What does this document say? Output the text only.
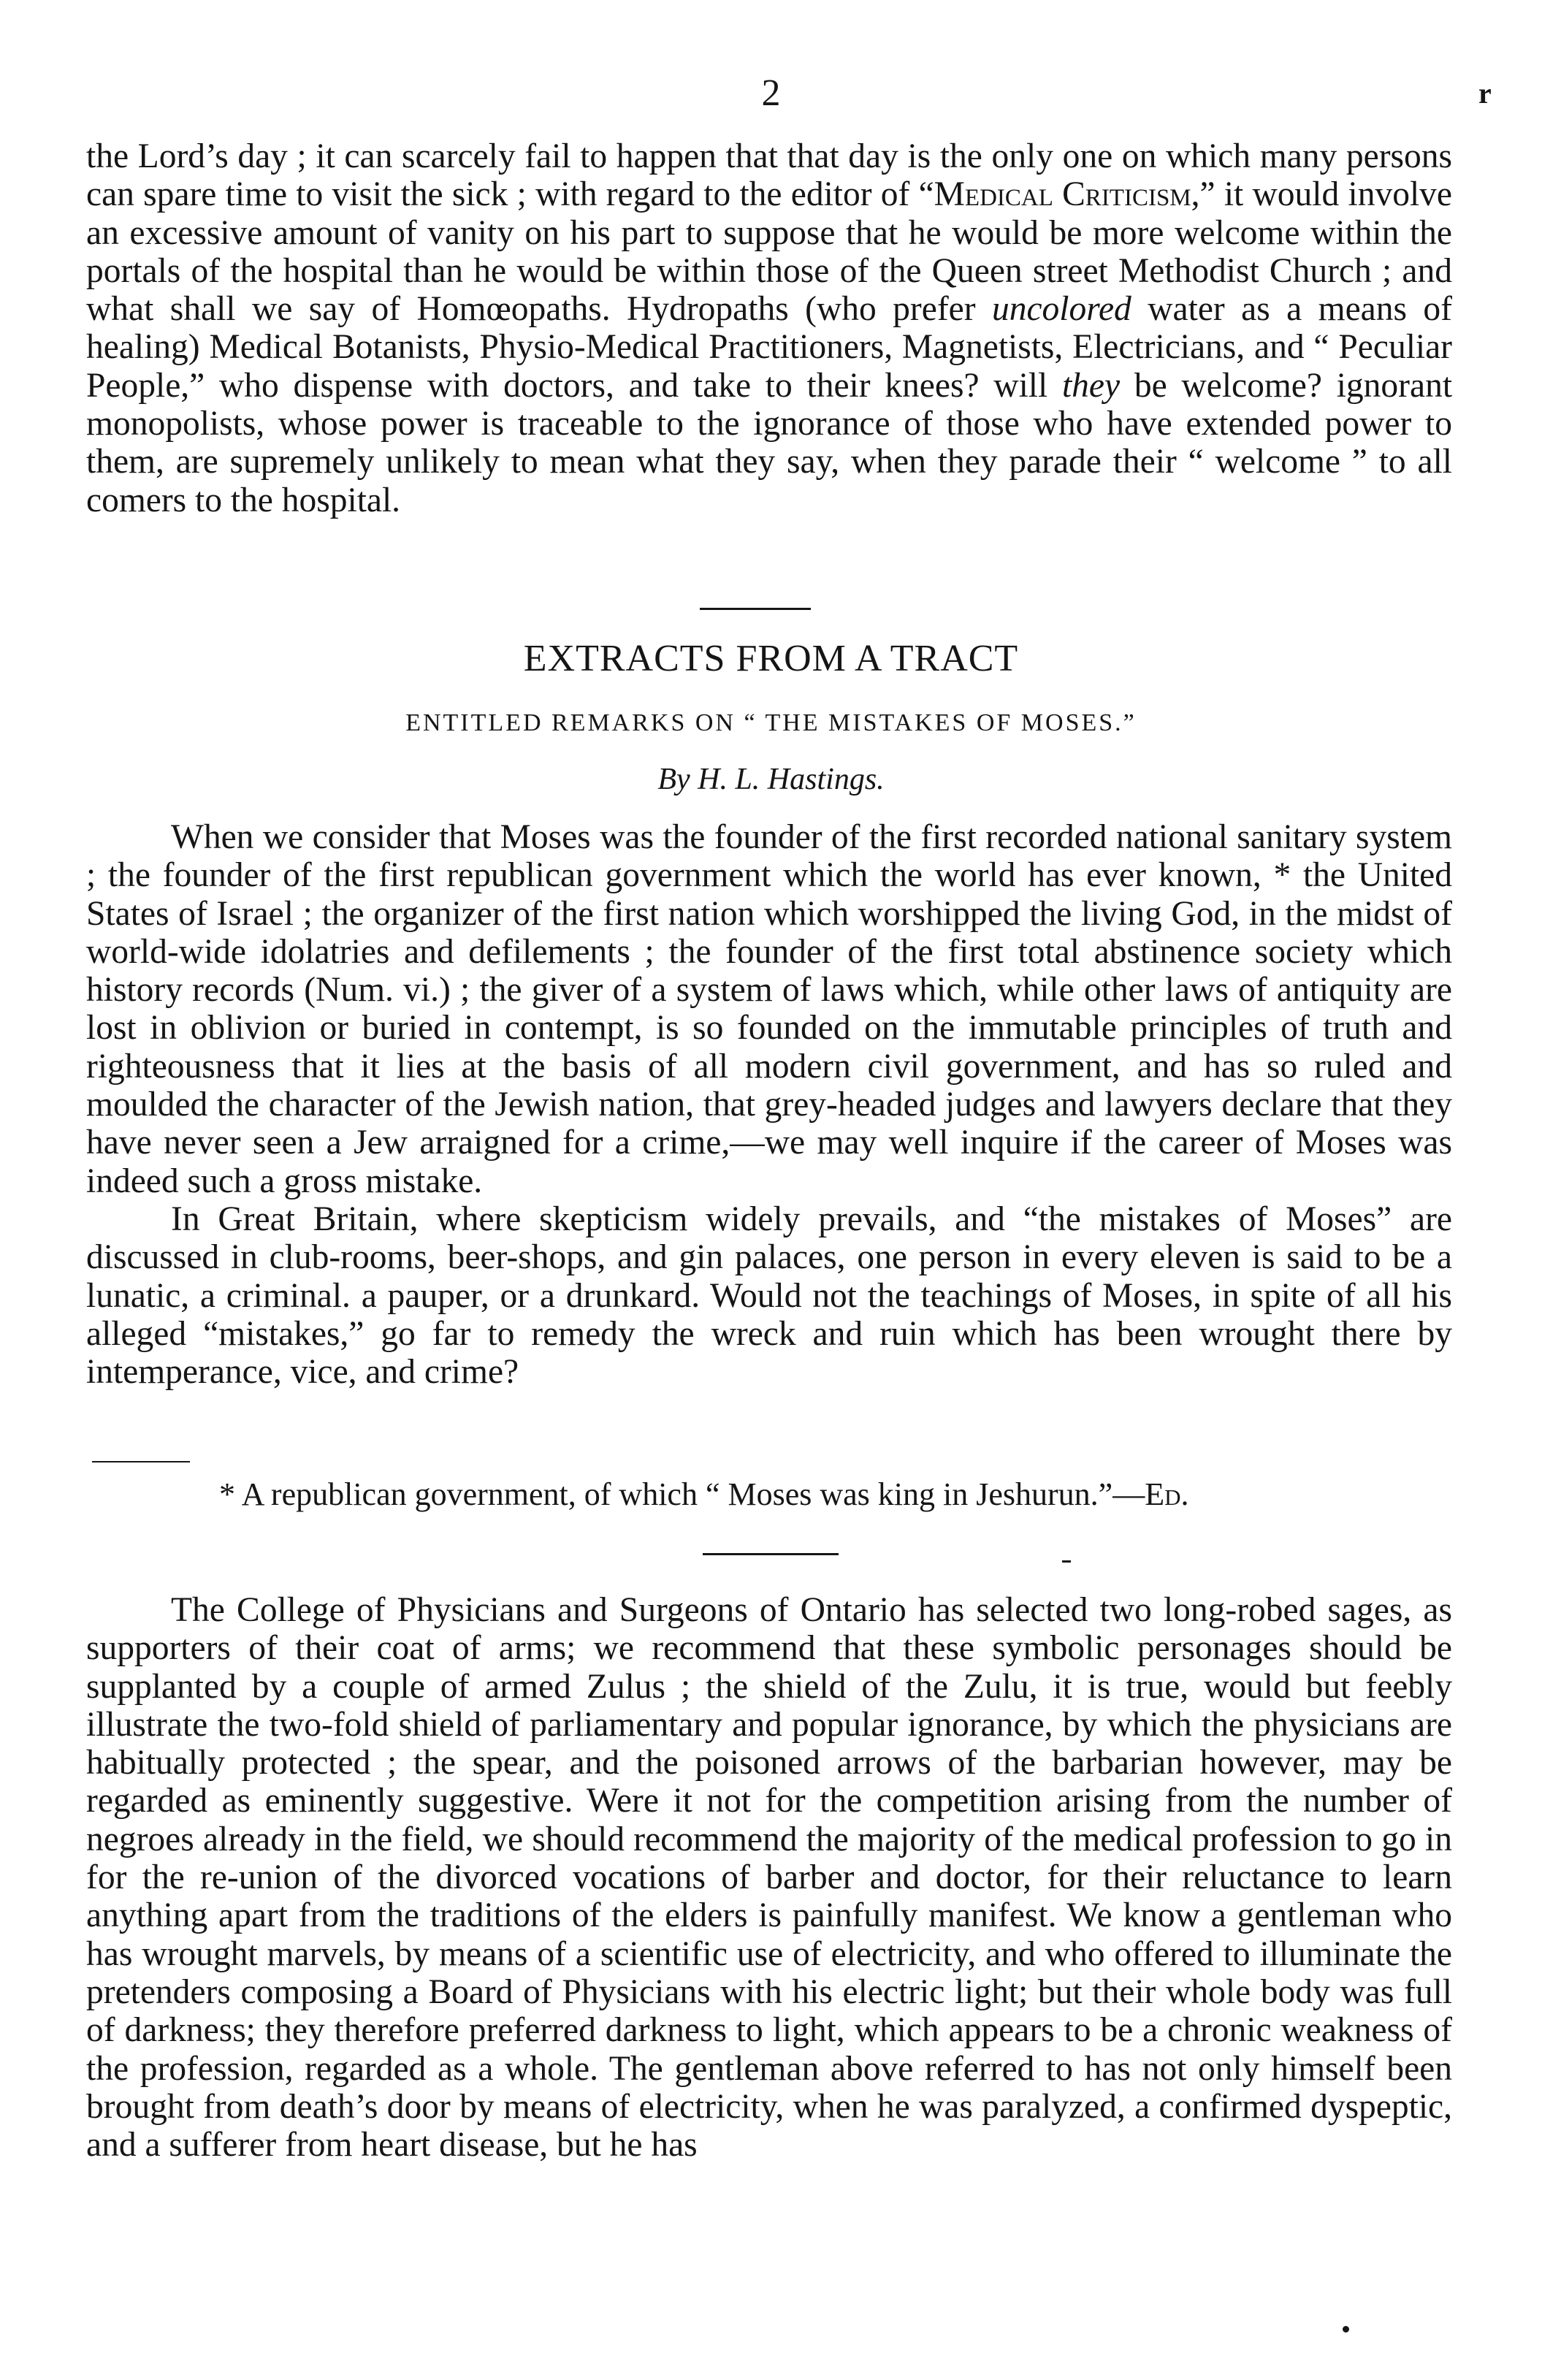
2	r

the Lord’s day ; it can scarcely fail to happen that that day is the only one on which many persons can spare time to visit the sick ; with regard to the editor of “Medical Criticism,” it would involve an excessive amount of vanity on his part to suppose that he would be more welcome within the portals of the hospital than he would be within those of the Queen street Methodist Church ; and what shall we say of Homœopaths. Hydropaths (who prefer uncolored water as a means of healing) Medical Botanists, Physio-Medical Practitioners, Magnetists, Electricians, and “ Peculiar People,” who dispense with doctors, and take to their knees? will they be welcome? ignorant monopolists, whose power is traceable to the ignorance of those who have extended power to them, are supremely unlikely to mean what they say, when they parade their “ welcome ” to all comers to the hospital.

EXTRACTS FROM A TRACT
ENTITLED REMARKS ON “ THE MISTAKES OF MOSES.”
By H. L. Hastings.

When we consider that Moses was the founder of the first recorded national sanitary system ; the founder of the first republican government which the world has ever known, * the United States of Israel ; the organizer of the first nation which worshipped the living God, in the midst of world-wide idolatries and defilements ; the founder of the first total abstinence society which history records (Num. vi.) ; the giver of a system of laws which, while other laws of antiquity are lost in oblivion or buried in contempt, is so founded on the immutable principles of truth and righteousness that it lies at the basis of all modern civil government, and has so ruled and moulded the character of the Jewish nation, that grey-headed judges and lawyers declare that they have never seen a Jew arraigned for a crime,—we may well inquire if the career of Moses was indeed such a gross mistake.

In Great Britain, where skepticism widely prevails, and “the mistakes of Moses” are discussed in club-rooms, beer-shops, and gin palaces, one person in every eleven is said to be a lunatic, a criminal. a pauper, or a drunkard. Would not the teachings of Moses, in spite of all his alleged “mistakes,” go far to remedy the wreck and ruin which has been wrought there by intemperance, vice, and crime?

* A republican government, of which “ Moses was king in Jeshurun.”—Ed.

The College of Physicians and Surgeons of Ontario has selected two long-robed sages, as supporters of their coat of arms; we recommend that these symbolic personages should be supplanted by a couple of armed Zulus ; the shield of the Zulu, it is true, would but feebly illustrate the two-fold shield of parliamentary and popular ignorance, by which the physicians are habitually protected ; the spear, and the poisoned arrows of the barbarian however, may be regarded as eminently suggestive. Were it not for the competition arising from the number of negroes already in the field, we should recommend the majority of the medical profession to go in for the re-union of the divorced vocations of barber and doctor, for their reluctance to learn anything apart from the traditions of the elders is painfully manifest. We know a gentleman who has wrought marvels, by means of a scientific use of electricity, and who offered to illuminate the pretenders composing a Board of Physicians with his electric light; but their whole body was full of darkness; they therefore preferred darkness to light, which appears to be a chronic weakness of the profession, regarded as a whole. The gentleman above referred to has not only himself been brought from death’s door by means of electricity, when he was paralyzed, a confirmed dyspeptic, and a sufferer from heart disease, but he has
